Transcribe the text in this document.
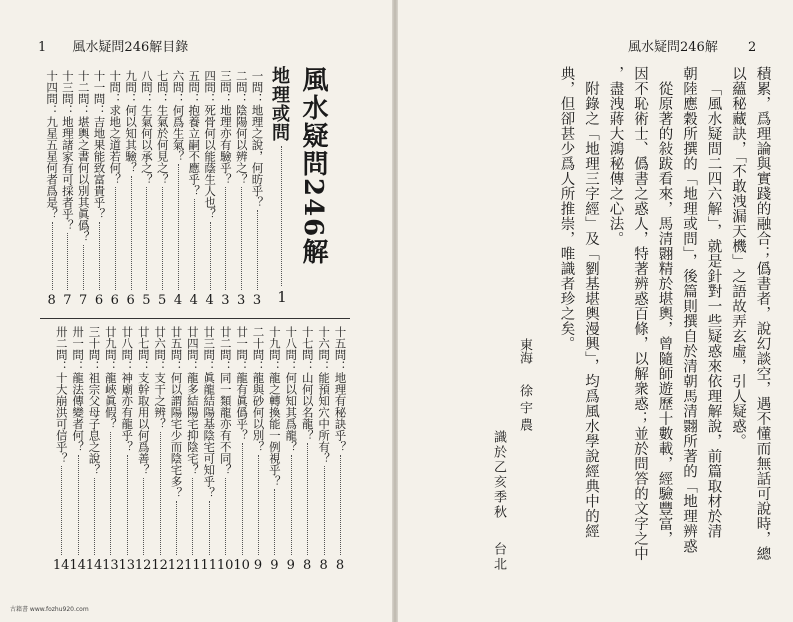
1 風水疑問246解目錄
風水疑問246解
地理或問
1
一問：地理之說，何昉乎？
3
二問：陰陽何以辨之？
3
三問：地理亦有驗乎？
3
四問：死骨何以能蔭生人也？
4
五問：抱養立嗣不應乎？
4
六問：何爲生氣？
4
七問：生氣於何見之？
5
八問：生氣何以承之？
5
九問：何以知其驗？
6
十問：求地之道若何？
6
十一問：吉地果能致富貴乎？
6
十二問：堪輿之書何以別其眞僞？
7
十三問：地理諸家有可採者乎？
7
十四問：九星五星何者爲是？
8
十五問：地理有秘訣乎？
8
十六問：能預知穴中所有？
8
十七問：山何以名龍？
8
十八問：何以知其爲龍？
9
十九問：龍之轉換能一例視乎？
9
二十問：龍與砂何以別？
9
廿一問：龍有眞僞乎？
10
廿二問：同一類龍亦有不同？
10
廿三問：眞龍結陽基陰宅可知乎？
11
廿四問：龍多結陽宅抑陰宅？
11
廿五問：何以謂陽宅少而陰宅多？
12
廿六問：支干之辨？
12
廿七問：支幹取用以何爲善？
12
廿八問：神廟亦有龍乎？
13
廿九問：龍峽眞假？
13
三十問：祖宗父母子息之說？
14
卅一問：龍法傳變者何？
14
卅二問：十大崩洪可信乎？
14
風水疑問246解 2
積累，爲理論與實踐的融合；僞書者，說幻談空，遇不懂而無話可說時，總
以蘊秘藏訣，「不敢洩漏天機」之語故弄玄虛，引人疑惑。
「風水疑問二四六解」，就是針對一些疑惑來依理解說，前篇取材於清
朝陸應穀所撰的「地理或問」，後篇則撰自於清朝馬清翾所著的「地理辨惑
從原著的敍跋看來，馬清翾精於堪輿，曾隨師遊歷十數載，經驗豐富，
因不恥術士、僞書之惑人，特著辨惑百條，以解衆惑；並於問答的文字之中
，盡洩蔣大鴻秘傳之心法。
附錄之「地理三字經」及「劉基堪輿漫興」，均爲風水學說經典中的經
典，但卻甚少爲人所推崇，唯識者珍之矣。
東海
徐宇農
識於乙亥季秋
台北
古籍書 www.fozhu920.com
